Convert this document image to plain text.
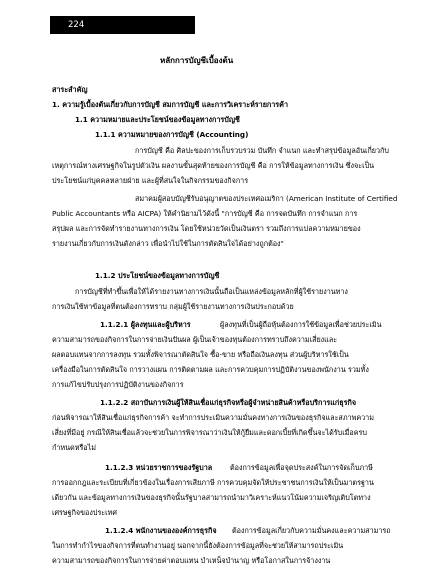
224
หลักการบัญชีเบื้องต้น
สาระสำคัญ
1. ความรู้เบื้องต้นเกี่ยวกับการบัญชี สมการบัญชี และการวิเคราะห์รายการค้า
1.1 ความหมายและประโยชน์ของข้อมูลทางการบัญชี
1.1.1 ความหมายของการบัญชี (Accounting)
การบัญชี คือ ศิลปะของการเก็บรวบรวม บันทึก จำแนก และทำสรุปข้อมูลอันเกี่ยวกับ
เหตุการณ์ทางเศรษฐกิจในรูปตัวเงิน ผลงานขั้นสุดท้ายของการบัญชี คือ การให้ข้อมูลทางการเงิน ซึ่งจะเป็น
ประโยชน์แก่บุคคลหลายฝ่าย และผู้ที่สนใจในกิจกรรมของกิจการ
สมาคมผู้สอบบัญชีรับอนุญาตของประเทศอเมริกา (American Institute of Certified
Public Accountants หรือ AICPA) ให้คำนิยามไว้ดังนี้ "การบัญชี คือ การจดบันทึก การจำแนก การ
สรุปผล และการจัดทำรายงานทางการเงิน โดยใช้หน่วยวัดเป็นเงินตรา รวมถึงการแปลความหมายของ
รายงานเกี่ยวกับการเงินดังกล่าว เพื่อนำไปใช้ในการตัดสินใจได้อย่างถูกต้อง"
1.1.2 ประโยชน์ของข้อมูลทางการบัญชี
การบัญชีที่ทำขึ้นเพื่อให้ได้รายงานทางการเงินนั้นถือเป็นแหล่งข้อมูลหลักที่ผู้ใช้รายงานทาง
การเงินใช้หาข้อมูลที่ตนต้องการทราบ กลุ่มผู้ใช้รายงานทางการเงินประกอบด้วย
1.1.2.1 ผู้ลงทุนและผู้บริหาร	ผู้ลงทุนที่เป็นผู้ถือหุ้นต้องการใช้ข้อมูลเพื่อช่วยประเมิน
ความสามารถของกิจการในการจ่ายเงินปันผล ผู้เป็นเจ้าของทุนต้องการทราบถึงความเสี่ยงและ
ผลตอบแทนจากการลงทุน รวมทั้งพิจารณาตัดสินใจ ซื้อ-ขาย หรือถือเงินลงทุน ส่วนผู้บริหารใช้เป็น
เครื่องมือในการตัดสินใจ การวางแผน การติดตามผล และการควบคุมการปฏิบัติงานของพนักงาน รวมทั้ง
การแก้ไขปรับปรุงการปฏิบัติงานของกิจการ
1.1.2.2 สถาบันการเงินผู้ให้สินเชื่อแก่ธุรกิจหรือผู้จำหน่ายสินค้าหรือบริการแก่ธุรกิจ
ก่อนพิจารณาให้สินเชื่อแก่ธุรกิจการค้า จะทำการประเมินความมั่นคงทางการเงินของธุรกิจและสภาพความ
เสี่ยงที่มีอยู่ กรณีให้สินเชื่อแล้วจะช่วยในการพิจารณาว่าเงินให้กู้ยืมและดอกเบี้ยที่เกิดขึ้นจะได้รับเมื่อครบ
กำหนดหรือไม่
1.1.2.3 หน่วยราชการของรัฐบาล ต้องการข้อมูลเพื่อจุดประสงค์ในการจัดเก็บภาษี
การออกกฎและระเบียบที่เกี่ยวข้องในเรื่องการเสียภาษี การควบคุมจัดให้ประชาชนการเงินให้เป็นมาตรฐาน
เดียวกัน และข้อมูลทางการเงินของธุรกิจนั้นรัฐบาลสามารถนำมาวิเคราะห์แนวโน้มความเจริญเติบโตทาง
เศรษฐกิจของประเทศ
1.1.2.4 พนักงานขององค์การธุรกิจ ต้องการข้อมูลเกี่ยวกับความมั่นคงและความสามารถ
ในการทำกำไรของกิจการที่ตนทำงานอยู่ นอกจากนี้ยังต้องการข้อมูลที่จะช่วยให้สามารถประเมิน
ความสามารถของกิจการในการจ่ายค่าตอบแทน บำเหน็จบำนาญ หรือโอกาสในการจ้างงาน
